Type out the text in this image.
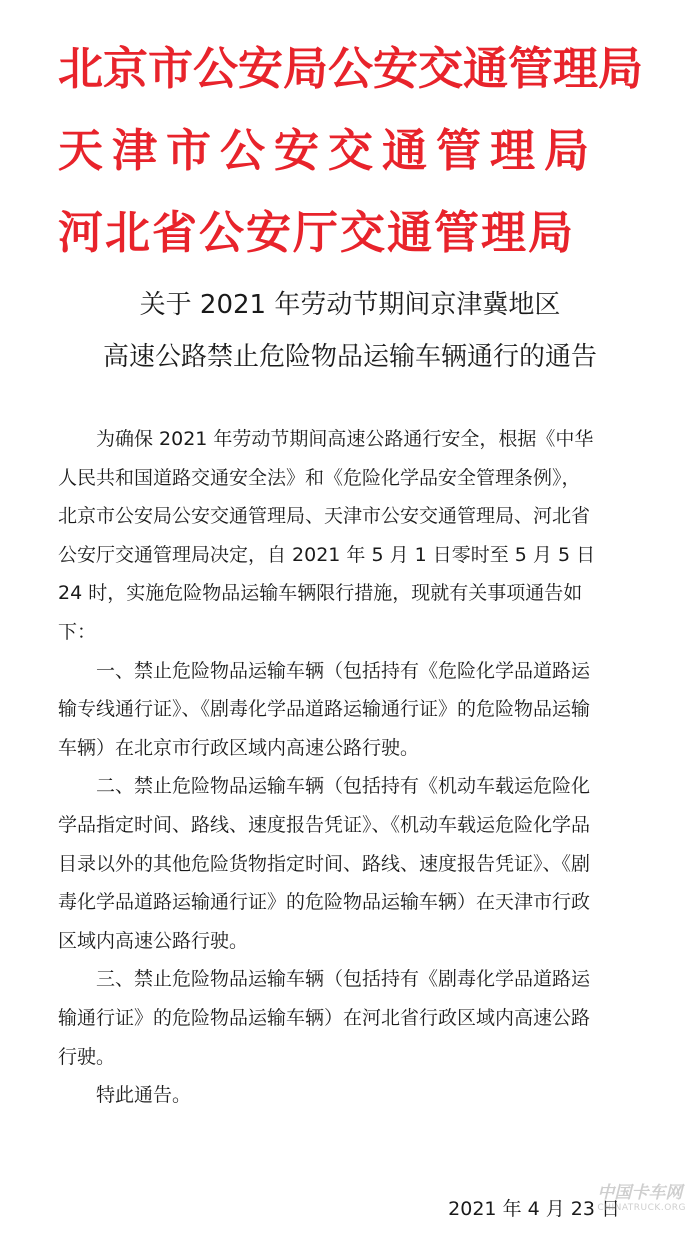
北京市公安局公安交通管理局
天津市公安交通管理局
河北省公安厅交通管理局
关于 2021 年劳动节期间京津冀地区
高速公路禁止危险物品运输车辆通行的通告

为确保 2021 年劳动节期间高速公路通行安全，根据《中华
人民共和国道路交通安全法》和《危险化学品安全管理条例》，
北京市公安局公安交通管理局、天津市公安交通管理局、河北省
公安厅交通管理局决定，自 2021 年 5 月 1 日零时至 5 月 5 日
24 时，实施危险物品运输车辆限行措施，现就有关事项通告如
下：

一、禁止危险物品运输车辆（包括持有《危险化学品道路运
输专线通行证》、《剧毒化学品道路运输通行证》的危险物品运输
车辆）在北京市行政区域内高速公路行驶。

二、禁止危险物品运输车辆（包括持有《机动车载运危险化
学品指定时间、路线、速度报告凭证》、《机动车载运危险化学品
目录以外的其他危险货物指定时间、路线、速度报告凭证》、《剧
毒化学品道路运输通行证》的危险物品运输车辆）在天津市行政
区域内高速公路行驶。

三、禁止危险物品运输车辆（包括持有《剧毒化学品道路运
输通行证》的危险物品运输车辆）在河北省行政区域内高速公路
行驶。

特此通告。

2021 年 4 月 23 日
中国卡车网
CHINATRUCK.ORG
